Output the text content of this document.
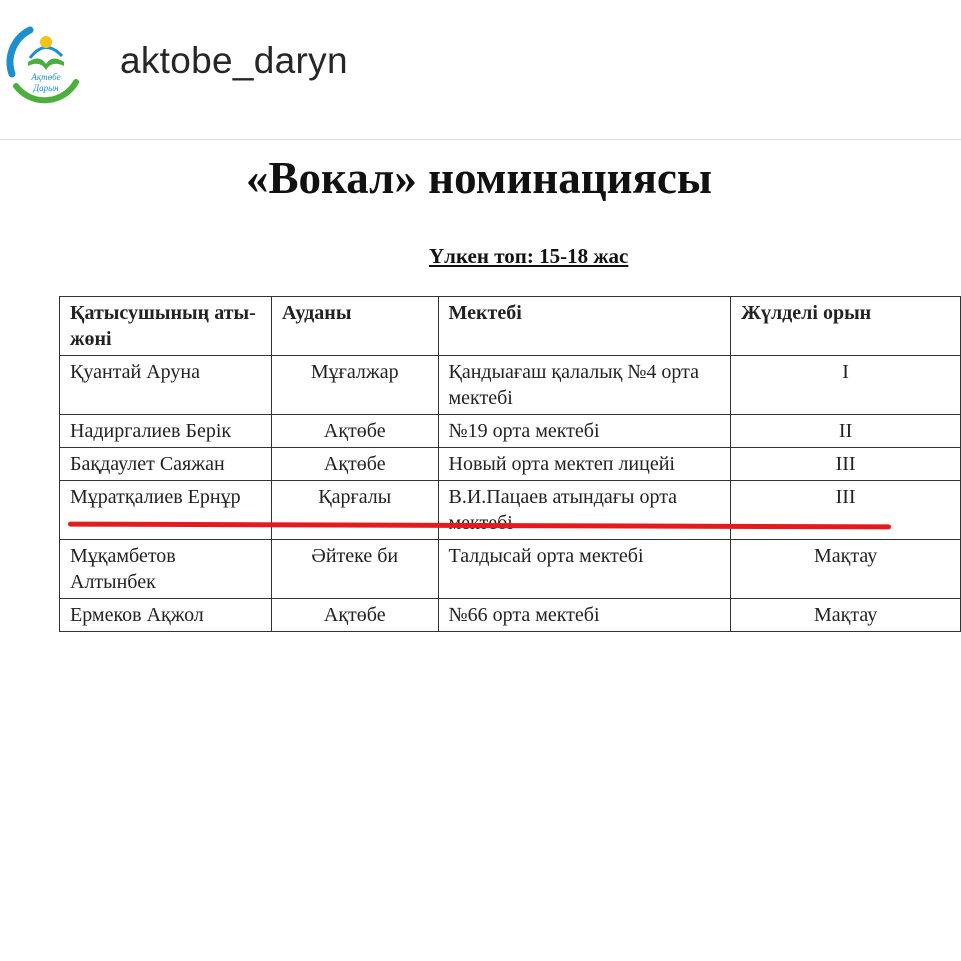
Ақтөбе
Дарын
aktobe_daryn
«Вокал» номинациясы
Үлкен топ: 15-18 жас
Қатысушының аты-жөні	Ауданы	Мектебі	Жүлделі орын
Қуантай Аруна	Мұғалжар	Қандыағаш қалалық №4 орта мектебі	I
Надиргалиев Берік	Ақтөбе	№19 орта мектебі	II
Бақдаулет Саяжан	Ақтөбе	Новый орта мектеп лицейі	III
Мұратқалиев Ернұр	Қарғалы	В.И.Пацаев атындағы орта	III
Мұқамбетов Алтынбек	Әйтеке би	Талдысай орта мектебі	Мақтау
Ермеков Ақжол	Ақтөбе	№66 орта мектебі	Мақтау
